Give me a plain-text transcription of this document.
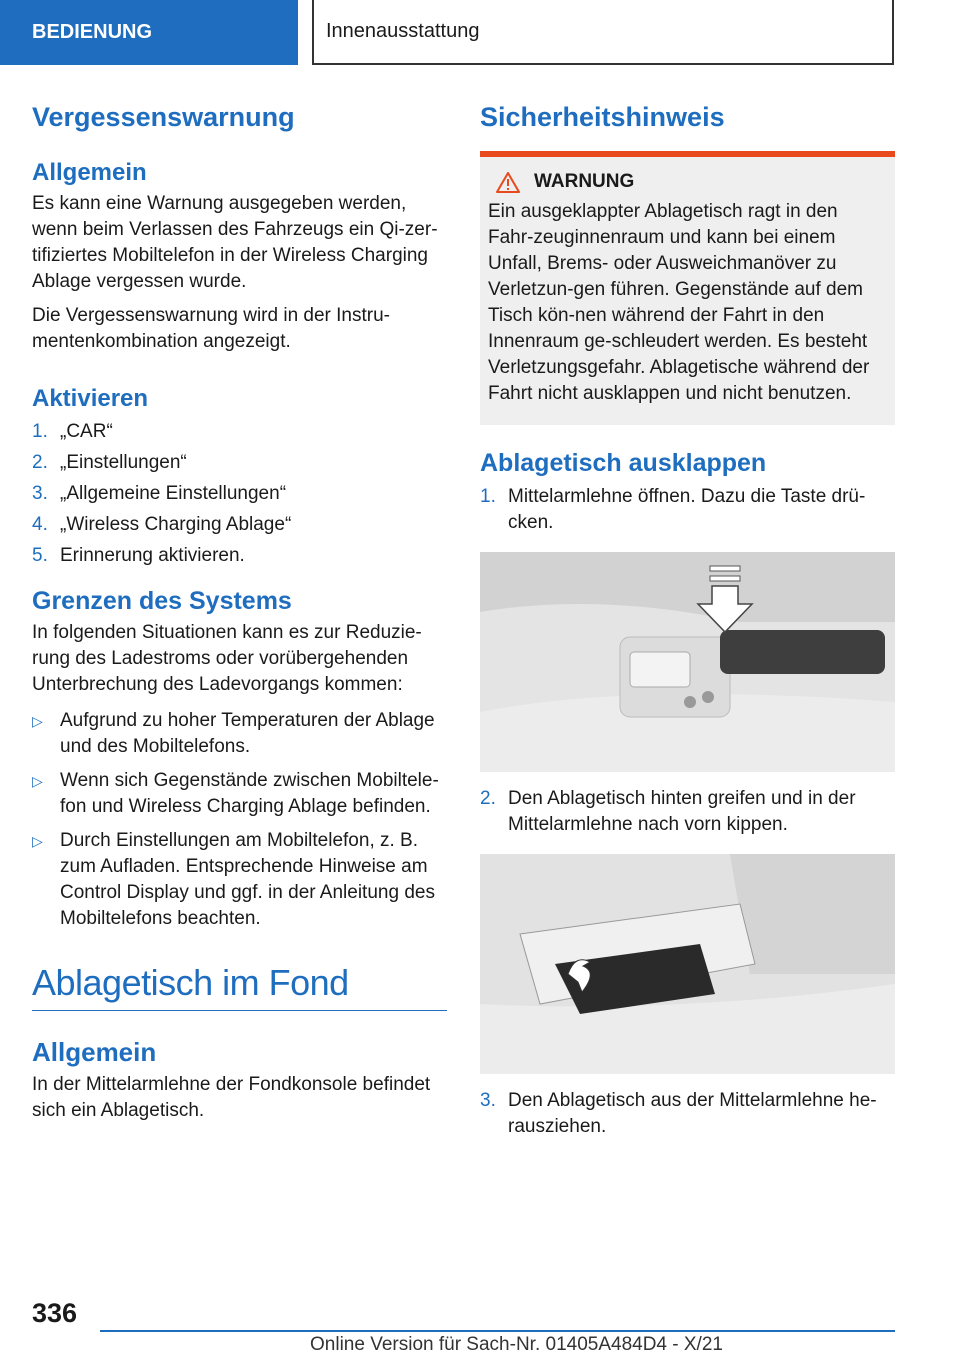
BEDIENUNG	Innenausstattung
Vergessenswarnung
Allgemein

Es kann eine Warnung ausgegeben werden, wenn beim Verlassen des Fahrzeugs ein Qi-zer-tifiziertes Mobiltelefon in der Wireless Charging Ablage vergessen wurde.

Die Vergessenswarnung wird in der Instru-mentenkombination angezeigt.

Aktivieren
1. „CAR“
2. „Einstellungen“
3. „Allgemeine Einstellungen“
4. „Wireless Charging Ablage“
5. Erinnerung aktivieren.
Grenzen des Systems

In folgenden Situationen kann es zur Reduzie-rung des Ladestroms oder vorübergehenden Unterbrechung des Ladevorgangs kommen:

▷ Aufgrund zu hoher Temperaturen der Ablage und des Mobiltelefons.
▷ Wenn sich Gegenstände zwischen Mobiltele-fon und Wireless Charging Ablage befinden.
▷ Durch Einstellungen am Mobiltelefon, z. B. zum Aufladen. Entsprechende Hinweise am Control Display und ggf. in der Anleitung des Mobiltelefons beachten.
Ablagetisch im Fond
Allgemein

In der Mittelarmlehne der Fondkonsole befindet sich ein Ablagetisch.

Sicherheitshinweis
WARNUNG

Ein ausgeklappter Ablagetisch ragt in den Fahr-zeuginnenraum und kann bei einem Unfall, Brems- oder Ausweichmanöver zu Verletzun-gen führen. Gegenstände auf dem Tisch kön-nen während der Fahrt in den Innenraum ge-schleudert werden. Es besteht Verletzungsgefahr. Ablagetische während der Fahrt nicht ausklappen und nicht benutzen.

Ablagetisch ausklappen
1. Mittelarmlehne öffnen. Dazu die Taste drü-cken.
2. Den Ablagetisch hinten greifen und in der Mittelarmlehne nach vorn kippen.
3. Den Ablagetisch aus der Mittelarmlehne he-rausziehen.
336
Online Version für Sach-Nr. 01405A484D4 - X/21
